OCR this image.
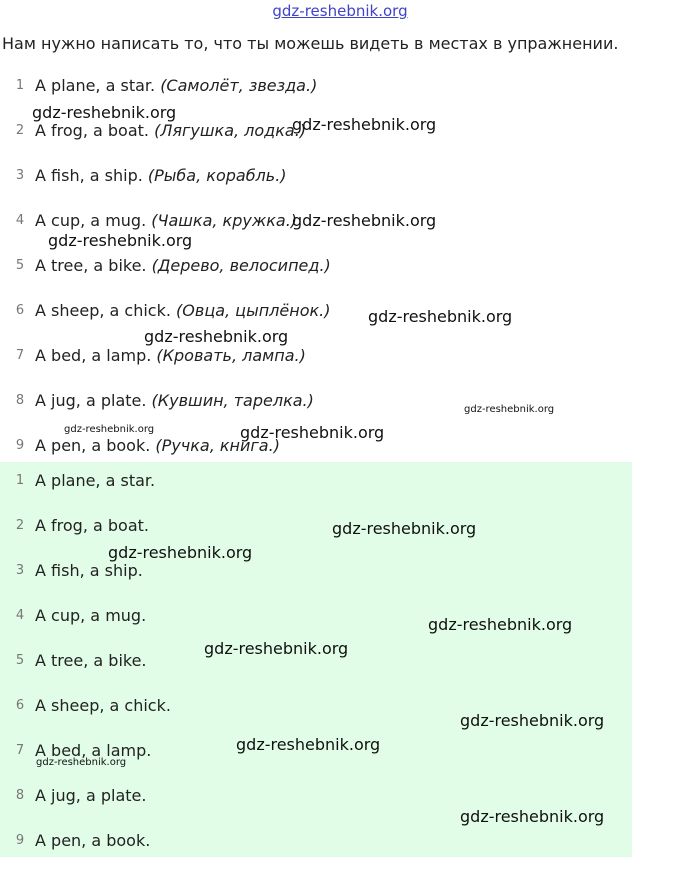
gdz-reshebnik.org
Нам нужно написать то, что ты можешь видеть в местах в упражнении.
1 A plane, a star. (Самолёт, звезда.)
2 A frog, a boat. (Лягушка, лодка.)
3 A fish, a ship. (Рыба, корабль.)
4 A cup, a mug. (Чашка, кружка.)
5 A tree, a bike. (Дерево, велосипед.)
6 A sheep, a chick. (Овца, цыплёнок.)
7 A bed, a lamp. (Кровать, лампа.)
8 A jug, a plate. (Кувшин, тарелка.)
9 A pen, a book. (Ручка, книга.)
1 A plane, a star.
2 A frog, a boat.
3 A fish, a ship.
4 A cup, a mug.
5 A tree, a bike.
6 A sheep, a chick.
7 A bed, a lamp.
8 A jug, a plate.
9 A pen, a book.
gdz-reshebnik.org
gdz-reshebnik.org
gdz-reshebnik.org
gdz-reshebnik.org
gdz-reshebnik.org
gdz-reshebnik.org
gdz-reshebnik.org
gdz-reshebnik.org	gdz-reshebnik.org
gdz-reshebnik.org
gdz-reshebnik.org
gdz-reshebnik.org
gdz-reshebnik.org
gdz-reshebnik.org
gdz-reshebnik.org
gdz-reshebnik.org
gdz-reshebnik.org
